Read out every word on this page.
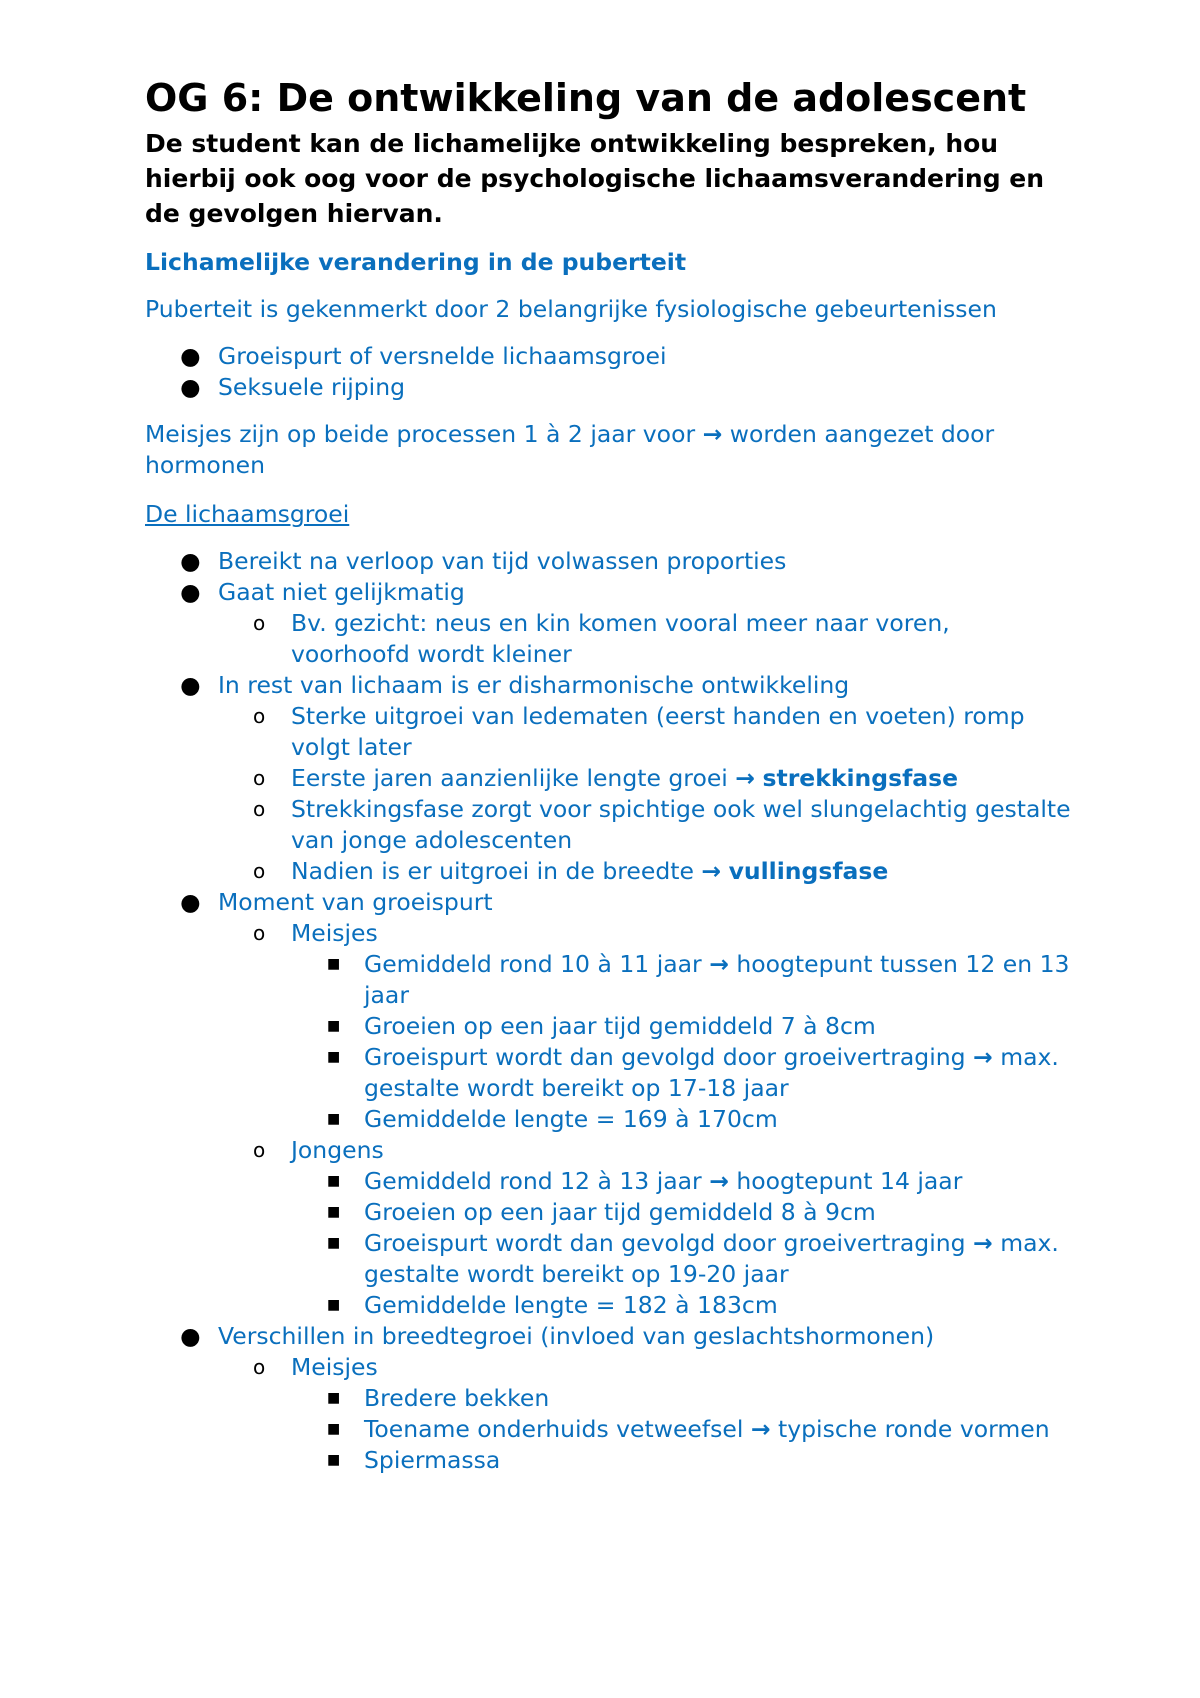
OG 6: De ontwikkeling van de adolescent

De student kan de lichamelijke ontwikkeling bespreken, hou hierbij ook oog voor de psychologische lichaamsverandering en de gevolgen hiervan.

Lichamelijke verandering in de puberteit

Puberteit is gekenmerkt door 2 belangrijke fysiologische gebeurtenissen

● Groeispurt of versnelde lichaamsgroei
● Seksuele rijping

Meisjes zijn op beide processen 1 à 2 jaar voor → worden aangezet door hormonen

De lichaamsgroei

● Bereikt na verloop van tijd volwassen proporties
● Gaat niet gelijkmatig
o Bv. gezicht: neus en kin komen vooral meer naar voren, voorhoofd wordt kleiner
● In rest van lichaam is er disharmonische ontwikkeling
o Sterke uitgroei van ledematen (eerst handen en voeten) romp volgt later
o Eerste jaren aanzienlijke lengte groei → strekkingsfase
o Strekkingsfase zorgt voor spichtige ook wel slungelachtig gestalte van jonge adolescenten
o Nadien is er uitgroei in de breedte → vullingsfase
● Moment van groeispurt
o Meisjes
■ Gemiddeld rond 10 à 11 jaar → hoogtepunt tussen 12 en 13 jaar
■ Groeien op een jaar tijd gemiddeld 7 à 8cm
■ Groeispurt wordt dan gevolgd door groeivertraging → max. gestalte wordt bereikt op 17-18 jaar
■ Gemiddelde lengte = 169 à 170cm
o Jongens
■ Gemiddeld rond 12 à 13 jaar → hoogtepunt 14 jaar
■ Groeien op een jaar tijd gemiddeld 8 à 9cm
■ Groeispurt wordt dan gevolgd door groeivertraging → max. gestalte wordt bereikt op 19-20 jaar
■ Gemiddelde lengte = 182 à 183cm
● Verschillen in breedtegroei (invloed van geslachtshormonen)
o Meisjes
■ Bredere bekken
■ Toename onderhuids vetweefsel → typische ronde vormen
■ Spiermassa
